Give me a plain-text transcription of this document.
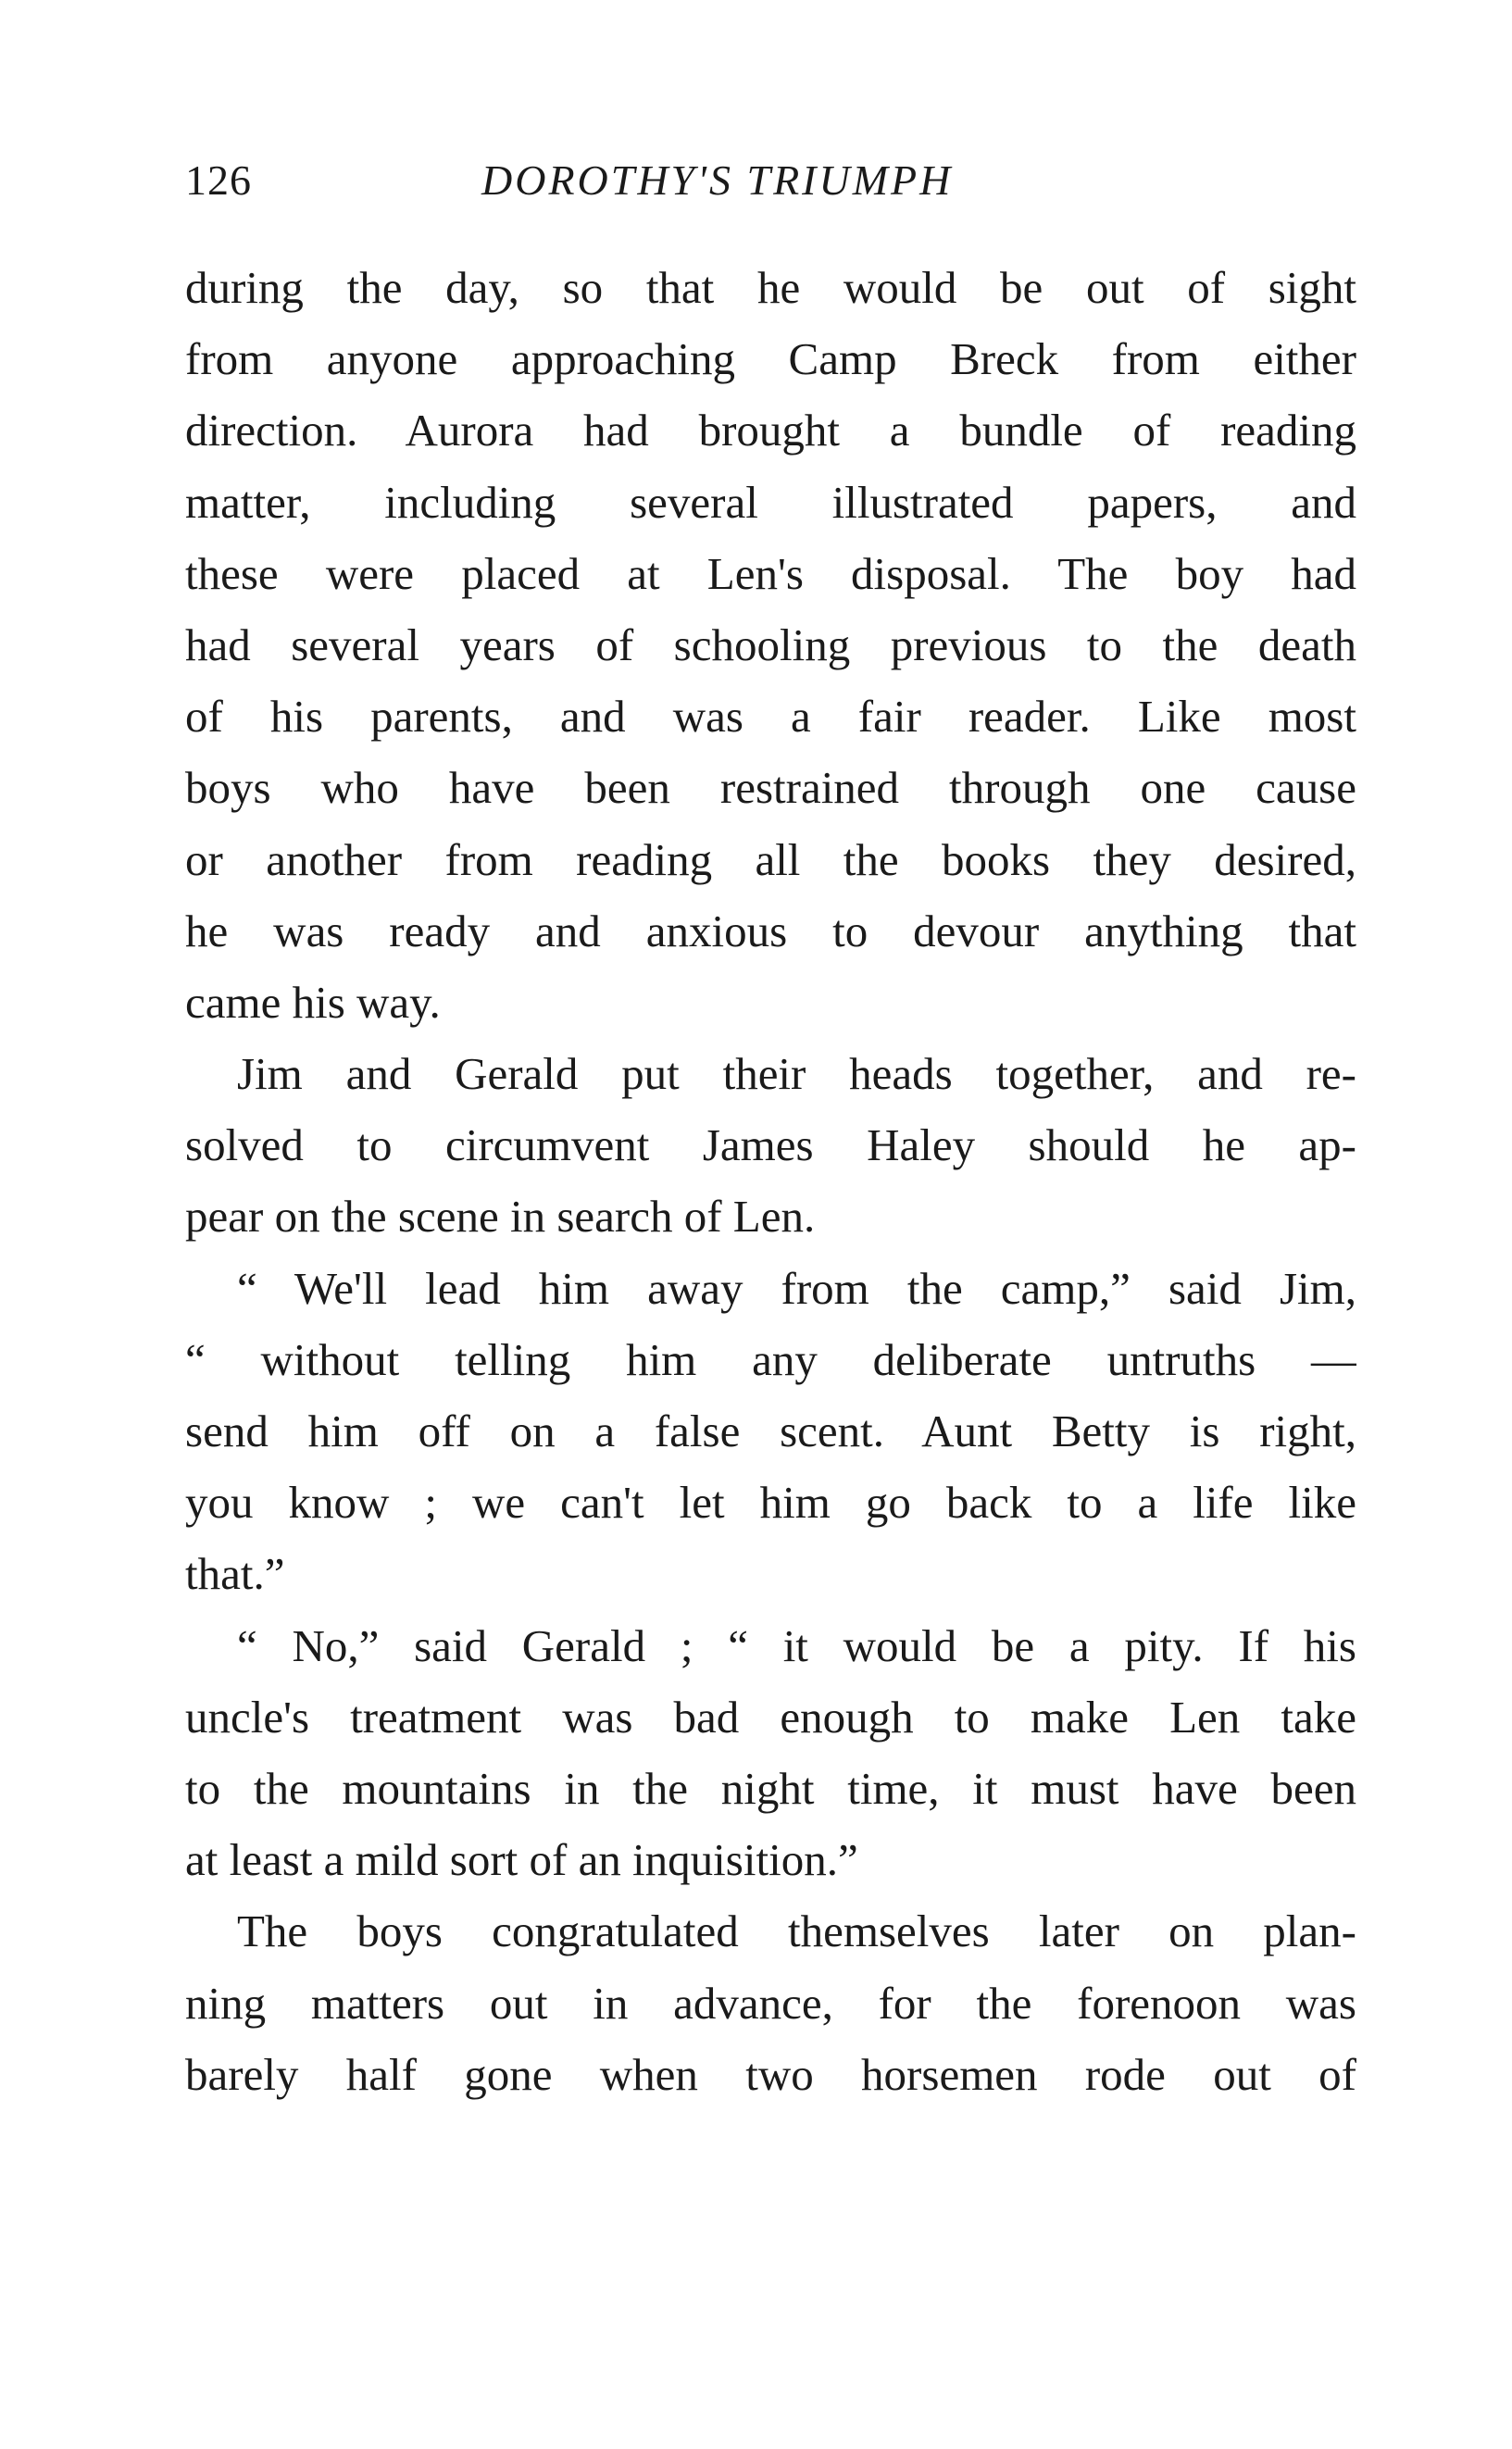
126	DOROTHY'S TRIUMPH
during the day, so that he would be out of sight
from anyone approaching Camp Breck from either
direction. Aurora had brought a bundle of reading
matter, including several illustrated papers, and
these were placed at Len's disposal. The boy had
had several years of schooling previous to the death
of his parents, and was a fair reader. Like most
boys who have been restrained through one cause
or another from reading all the books they desired,
he was ready and anxious to devour anything that
came his way.
Jim and Gerald put their heads together, and re-
solved to circumvent James Haley should he ap-
pear on the scene in search of Len.
“ We'll lead him away from the camp,” said Jim,
“ without telling him any deliberate untruths —
send him off on a false scent. Aunt Betty is right,
you know ; we can't let him go back to a life like
that.”
“ No,” said Gerald ; “ it would be a pity. If his
uncle's treatment was bad enough to make Len take
to the mountains in the night time, it must have been
at least a mild sort of an inquisition.”
The boys congratulated themselves later on plan-
ning matters out in advance, for the forenoon was
barely half gone when two horsemen rode out of
